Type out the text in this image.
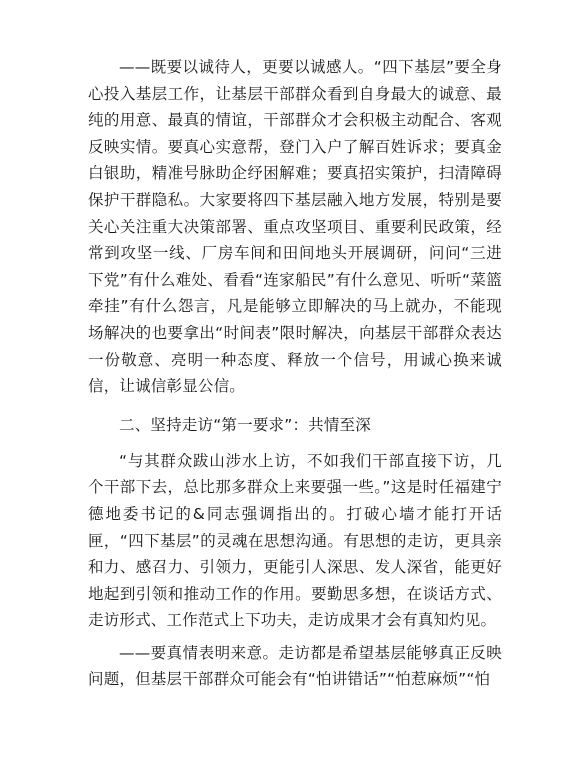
——既要以诚待人，更要以诚感人。“四下基层”要全身心投入基层工作，让基层干部群众看到自身最大的诚意、最纯的用意、最真的情谊，干部群众才会积极主动配合、客观反映实情。要真心实意帮，登门入户了解百姓诉求；要真金白银助，精准号脉助企纾困解难；要真招实策护，扫清障碍保护干群隐私。大家要将四下基层融入地方发展，特别是要关心关注重大决策部署、重点攻坚项目、重要利民政策，经常到攻坚一线、厂房车间和田间地头开展调研，问问“三进下党”有什么难处、看看“连家船民”有什么意见、听听“菜篮牵挂”有什么怨言，凡是能够立即解决的马上就办，不能现场解决的也要拿出“时间表”限时解决，向基层干部群众表达一份敬意、亮明一种态度、释放一个信号，用诚心换来诚信，让诚信彰显公信。

二、坚持走访“第一要求”：共情至深

“与其群众跋山涉水上访，不如我们干部直接下访，几个干部下去，总比那多群众上来要强一些。”这是时任福建宁德地委书记的&同志强调指出的。打破心墙才能打开话匣，“四下基层”的灵魂在思想沟通。有思想的走访，更具亲和力、感召力、引领力，更能引人深思、发人深省，能更好地起到引领和推动工作的作用。要勤思多想，在谈话方式、走访形式、工作范式上下功夫，走访成果才会有真知灼见。

——要真情表明来意。走访都是希望基层能够真正反映问题，但基层干部群众可能会有“怕讲错话”“怕惹麻烦”“怕
